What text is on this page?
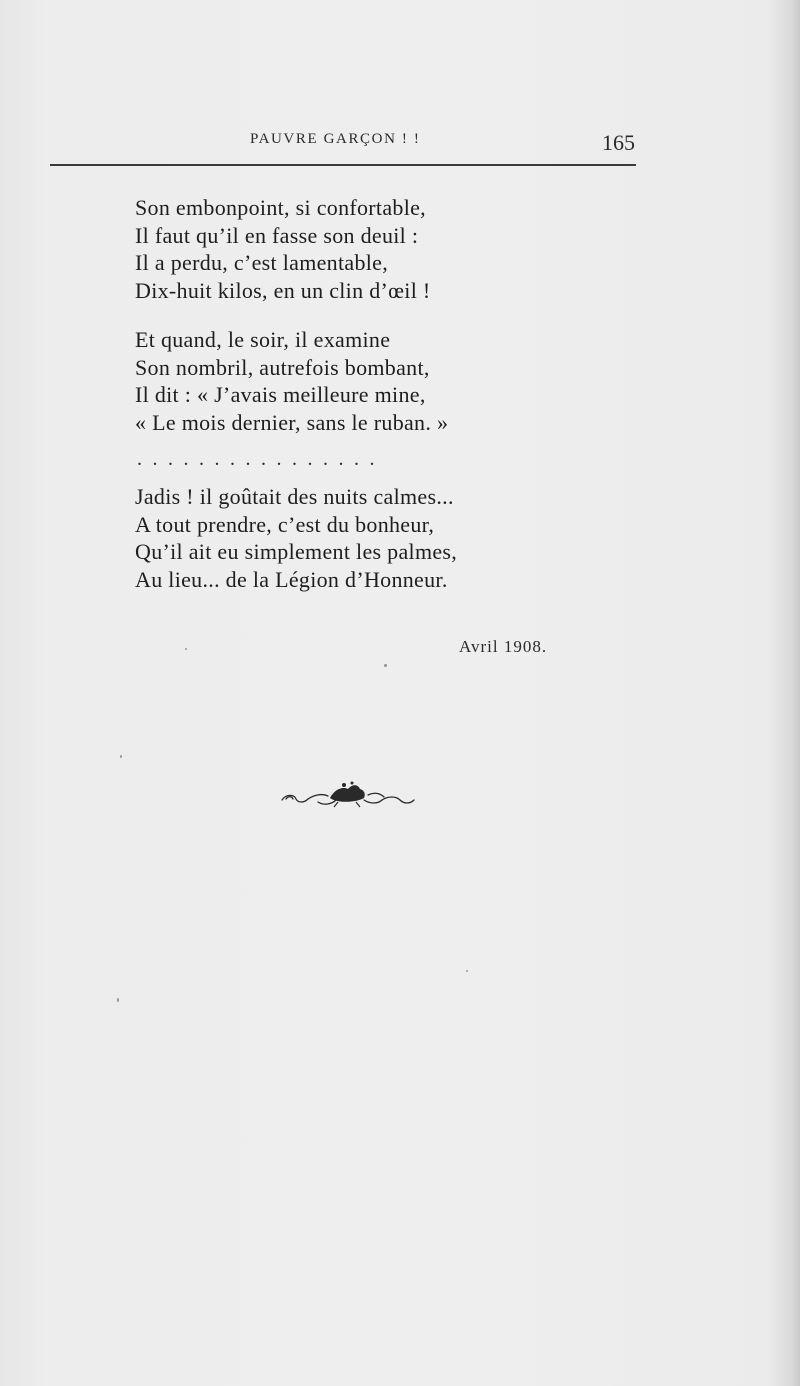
PAUVRE GARÇON ! !	165
Son embonpoint, si confortable,
Il faut qu’il en fasse son deuil :
Il a perdu, c’est lamentable,
Dix-huit kilos, en un clin d’œil !
Et quand, le soir, il examine
Son nombril, autrefois bombant,
Il dit : « J’avais meilleure mine,
« Le mois dernier, sans le ruban. »
................
Jadis ! il goûtait des nuits calmes...
A tout prendre, c’est du bonheur,
Qu’il ait eu simplement les palmes,
Au lieu... de la Légion d’Honneur.
Avril 1908.
